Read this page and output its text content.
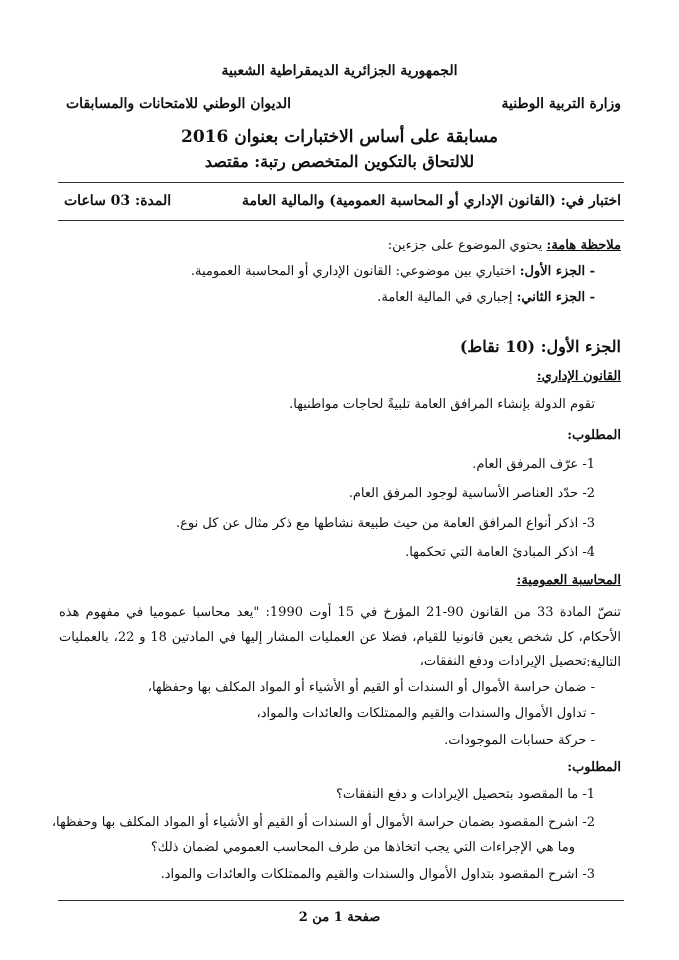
الجمهورية الجزائرية الديمقراطية الشعبية
وزارة التربية الوطنية
الديوان الوطني للامتحانات والمسابقات
مسابقة على أساس الاختبارات بعنوان 2016
للالتحاق بالتكوين المتخصص رتبة: مقتصد
اختبار في: (القانون الإداري أو المحاسبة العمومية) والمالية العامة
المدة: 03 ساعات
ملاحظة هامة: يحتوي الموضوع على جزءين:
- الجزء الأول: اختياري بين موضوعي: القانون الإداري أو المحاسبة العمومية.
- الجزء الثاني: إجباري في المالية العامة.
الجزء الأول: (10 نقاط)
القانون الإداري:
تقوم الدولة بإنشاء المرافق العامة تلبيةً لحاجات مواطنيها.
المطلوب:
1- عرّف المرفق العام.
2- حدّد العناصر الأساسية لوجود المرفق العام.
3- اذكر أنواع المرافق العامة من حيث طبيعة نشاطها مع ذكر مثال عن كل نوع.
4- اذكر المبادئ العامة التي تحكمها.
المحاسبة العمومية:
تنصّ المادة 33 من القانون 90-21 المؤرخ في 15 أوت 1990: "يعد محاسبا عموميا في مفهوم هذه الأحكام، كل شخص يعين قانونيا للقيام، فضلا عن العمليات المشار إليها في المادتين 18 و 22، بالعمليات التالية:
- تحصيل الإيرادات ودفع النفقات،
- ضمان حراسة الأموال أو السندات أو القيم أو الأشياء أو المواد المكلف بها وحفظها،
- تداول الأموال والسندات والقيم والممتلكات والعائدات والمواد،
- حركة حسابات الموجودات.
المطلوب:
1- ما المقصود بتحصيل الإيرادات و دفع النفقات؟
2- اشرح المقصود بضمان حراسة الأموال أو السندات أو القيم أو الأشياء أو المواد المكلف بها وحفظها،
وما هي الإجراءات التي يجب اتخاذها من طرف المحاسب العمومي لضمان ذلك؟
3- اشرح المقصود بتداول الأموال والسندات والقيم والممتلكات والعائدات والمواد.
صفحة 1 من 2
